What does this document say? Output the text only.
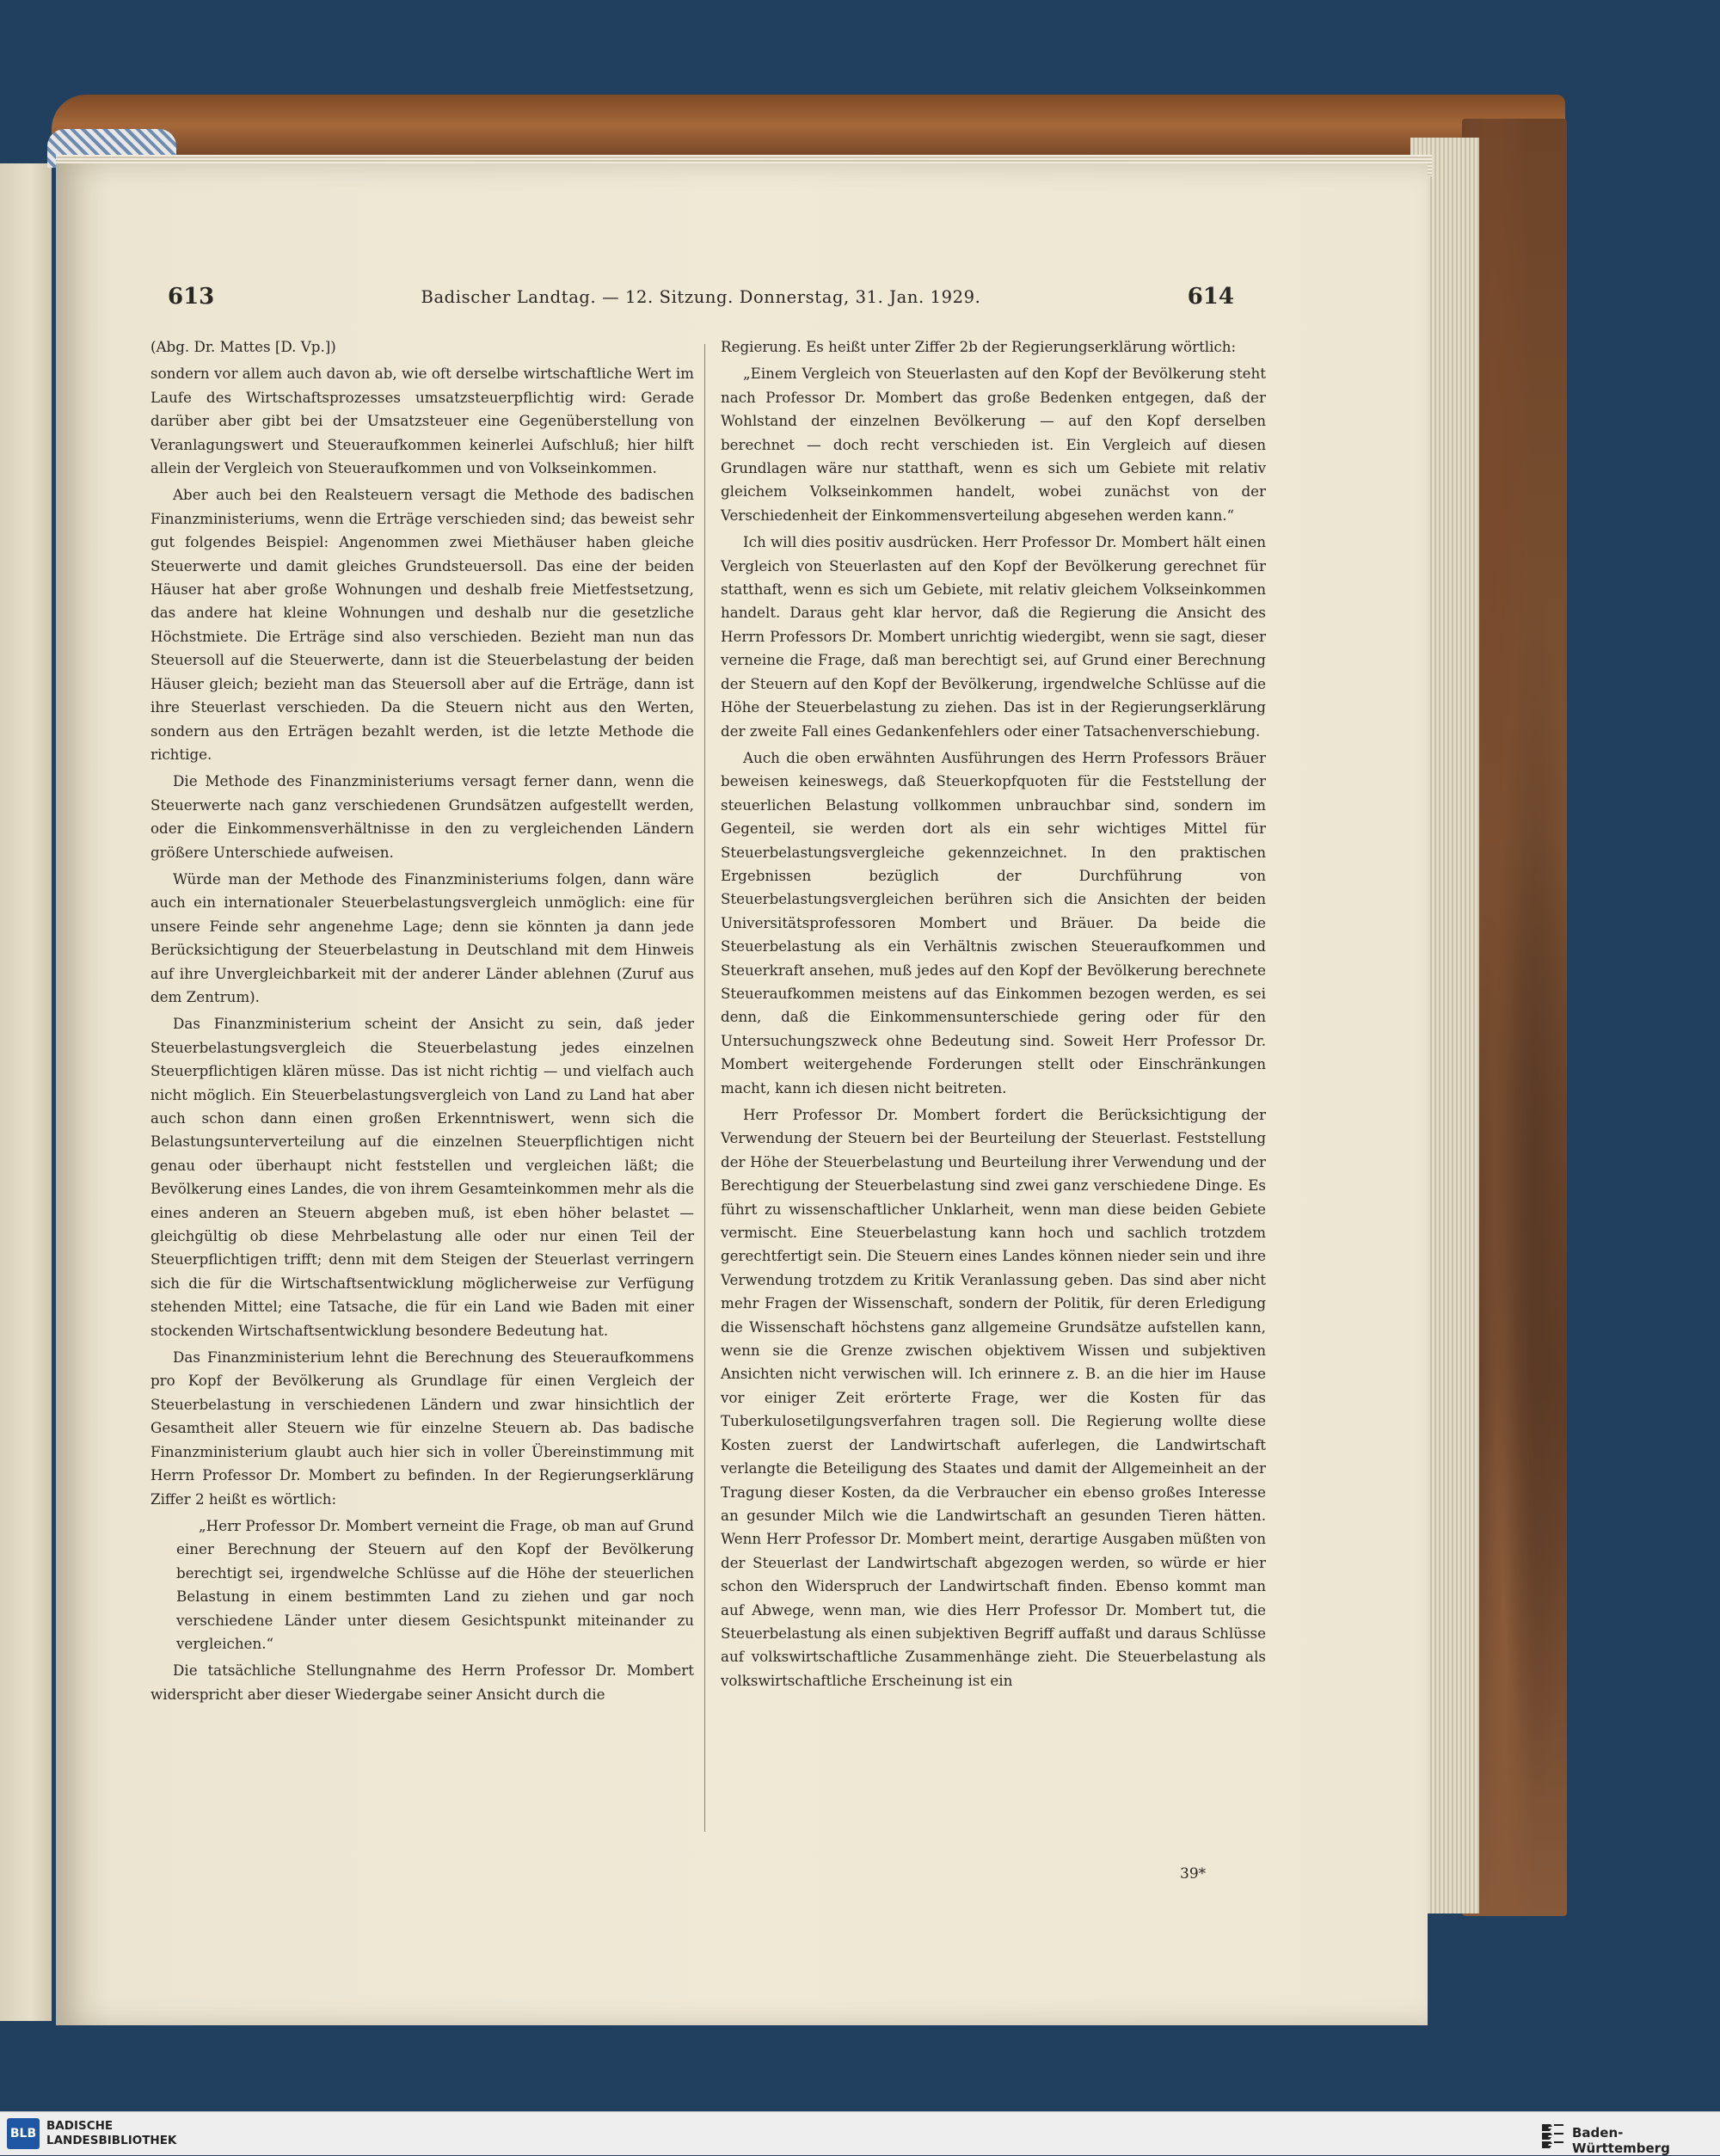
613	Badischer Landtag. — 12. Sitzung. Donnerstag, 31. Jan. 1929.	614

(Abg. Dr. Mattes [D. Vp.])

sondern vor allem auch davon ab, wie oft derselbe wirtschaftliche Wert im Laufe des Wirtschaftsprozesses umsatzsteuerpflichtig wird: Gerade darüber aber gibt bei der Umsatzsteuer eine Gegenüberstellung von Veranlagungswert und Steueraufkommen keinerlei Aufschluß; hier hilft allein der Vergleich von Steueraufkommen und von Volkseinkommen.

Aber auch bei den Realsteuern versagt die Methode des badischen Finanzministeriums, wenn die Erträge verschieden sind; das beweist sehr gut folgendes Beispiel: Angenommen zwei Miethäuser haben gleiche Steuerwerte und damit gleiches Grundsteuersoll. Das eine der beiden Häuser hat aber große Wohnungen und deshalb freie Mietfestsetzung, das andere hat kleine Wohnungen und deshalb nur die gesetzliche Höchstmiete. Die Erträge sind also verschieden. Bezieht man nun das Steuersoll auf die Steuerwerte, dann ist die Steuerbelastung der beiden Häuser gleich; bezieht man das Steuersoll aber auf die Erträge, dann ist ihre Steuerlast verschieden. Da die Steuern nicht aus den Werten, sondern aus den Erträgen bezahlt werden, ist die letzte Methode die richtige.

Die Methode des Finanzministeriums versagt ferner dann, wenn die Steuerwerte nach ganz verschiedenen Grundsätzen aufgestellt werden, oder die Einkommensverhältnisse in den zu vergleichenden Ländern größere Unterschiede aufweisen.

Würde man der Methode des Finanzministeriums folgen, dann wäre auch ein internationaler Steuerbelastungsvergleich unmöglich: eine für unsere Feinde sehr angenehme Lage; denn sie könnten ja dann jede Berücksichtigung der Steuerbelastung in Deutschland mit dem Hinweis auf ihre Unvergleichbarkeit mit der anderer Länder ablehnen (Zuruf aus dem Zentrum).

Das Finanzministerium scheint der Ansicht zu sein, daß jeder Steuerbelastungsvergleich die Steuerbelastung jedes einzelnen Steuerpflichtigen klären müsse. Das ist nicht richtig — und vielfach auch nicht möglich. Ein Steuerbelastungsvergleich von Land zu Land hat aber auch schon dann einen großen Erkenntniswert, wenn sich die Belastungsunterverteilung auf die einzelnen Steuerpflichtigen nicht genau oder überhaupt nicht feststellen und vergleichen läßt; die Bevölkerung eines Landes, die von ihrem Gesamteinkommen mehr als die eines anderen an Steuern abgeben muß, ist eben höher belastet — gleichgültig ob diese Mehrbelastung alle oder nur einen Teil der Steuerpflichtigen trifft; denn mit dem Steigen der Steuerlast verringern sich die für die Wirtschaftsentwicklung möglicherweise zur Verfügung stehenden Mittel; eine Tatsache, die für ein Land wie Baden mit einer stockenden Wirtschaftsentwicklung besondere Bedeutung hat.

Das Finanzministerium lehnt die Berechnung des Steueraufkommens pro Kopf der Bevölkerung als Grundlage für einen Vergleich der Steuerbelastung in verschiedenen Ländern und zwar hinsichtlich der Gesamtheit aller Steuern wie für einzelne Steuern ab. Das badische Finanzministerium glaubt auch hier sich in voller Übereinstimmung mit Herrn Professor Dr. Mombert zu befinden. In der Regierungserklärung Ziffer 2 heißt es wörtlich:

„Herr Professor Dr. Mombert verneint die Frage, ob man auf Grund einer Berechnung der Steuern auf den Kopf der Bevölkerung berechtigt sei, irgendwelche Schlüsse auf die Höhe der steuerlichen Belastung in einem bestimmten Land zu ziehen und gar noch verschiedene Länder unter diesem Gesichtspunkt miteinander zu vergleichen.“

Die tatsächliche Stellungnahme des Herrn Professor Dr. Mombert widerspricht aber dieser Wiedergabe seiner Ansicht durch die

Regierung. Es heißt unter Ziffer 2b der Regierungserklärung wörtlich:

„Einem Vergleich von Steuerlasten auf den Kopf der Bevölkerung steht nach Professor Dr. Mombert das große Bedenken entgegen, daß der Wohlstand der einzelnen Bevölkerung — auf den Kopf derselben berechnet — doch recht verschieden ist. Ein Vergleich auf diesen Grundlagen wäre nur statthaft, wenn es sich um Gebiete mit relativ gleichem Volkseinkommen handelt, wobei zunächst von der Verschiedenheit der Einkommensverteilung abgesehen werden kann.“

Ich will dies positiv ausdrücken. Herr Professor Dr. Mombert hält einen Vergleich von Steuerlasten auf den Kopf der Bevölkerung gerechnet für statthaft, wenn es sich um Gebiete, mit relativ gleichem Volkseinkommen handelt. Daraus geht klar hervor, daß die Regierung die Ansicht des Herrn Professors Dr. Mombert unrichtig wiedergibt, wenn sie sagt, dieser verneine die Frage, daß man berechtigt sei, auf Grund einer Berechnung der Steuern auf den Kopf der Bevölkerung, irgendwelche Schlüsse auf die Höhe der Steuerbelastung zu ziehen. Das ist in der Regierungserklärung der zweite Fall eines Gedankenfehlers oder einer Tatsachenverschiebung.

Auch die oben erwähnten Ausführungen des Herrn Professors Bräuer beweisen keineswegs, daß Steuerkopfquoten für die Feststellung der steuerlichen Belastung vollkommen unbrauchbar sind, sondern im Gegenteil, sie werden dort als ein sehr wichtiges Mittel für Steuerbelastungsvergleiche gekennzeichnet. In den praktischen Ergebnissen bezüglich der Durchführung von Steuerbelastungsvergleichen berühren sich die Ansichten der beiden Universitätsprofessoren Mombert und Bräuer. Da beide die Steuerbelastung als ein Verhältnis zwischen Steueraufkommen und Steuerkraft ansehen, muß jedes auf den Kopf der Bevölkerung berechnete Steueraufkommen meistens auf das Einkommen bezogen werden, es sei denn, daß die Einkommensunterschiede gering oder für den Untersuchungszweck ohne Bedeutung sind. Soweit Herr Professor Dr. Mombert weitergehende Forderungen stellt oder Einschränkungen macht, kann ich diesen nicht beitreten.

Herr Professor Dr. Mombert fordert die Berücksichtigung der Verwendung der Steuern bei der Beurteilung der Steuerlast. Feststellung der Höhe der Steuerbelastung und Beurteilung ihrer Verwendung und der Berechtigung der Steuerbelastung sind zwei ganz verschiedene Dinge. Es führt zu wissenschaftlicher Unklarheit, wenn man diese beiden Gebiete vermischt. Eine Steuerbelastung kann hoch und sachlich trotzdem gerechtfertigt sein. Die Steuern eines Landes können nieder sein und ihre Verwendung trotzdem zu Kritik Veranlassung geben. Das sind aber nicht mehr Fragen der Wissenschaft, sondern der Politik, für deren Erledigung die Wissenschaft höchstens ganz allgemeine Grundsätze aufstellen kann, wenn sie die Grenze zwischen objektivem Wissen und subjektiven Ansichten nicht verwischen will. Ich erinnere z. B. an die hier im Hause vor einiger Zeit erörterte Frage, wer die Kosten für das Tuberkulosetilgungsverfahren tragen soll. Die Regierung wollte diese Kosten zuerst der Landwirtschaft auferlegen, die Landwirtschaft verlangte die Beteiligung des Staates und damit der Allgemeinheit an der Tragung dieser Kosten, da die Verbraucher ein ebenso großes Interesse an gesunder Milch wie die Landwirtschaft an gesunden Tieren hätten. Wenn Herr Professor Dr. Mombert meint, derartige Ausgaben müßten von der Steuerlast der Landwirtschaft abgezogen werden, so würde er hier schon den Widerspruch der Landwirtschaft finden. Ebenso kommt man auf Abwege, wenn man, wie dies Herr Professor Dr. Mombert tut, die Steuerbelastung als einen subjektiven Begriff auffaßt und daraus Schlüsse auf volkswirtschaftliche Zusammenhänge zieht. Die Steuerbelastung als volkswirtschaftliche Erscheinung ist ein

39*
BLB
BADISCHE
LANDESBIBLIOTHEK	Baden-Württemberg
